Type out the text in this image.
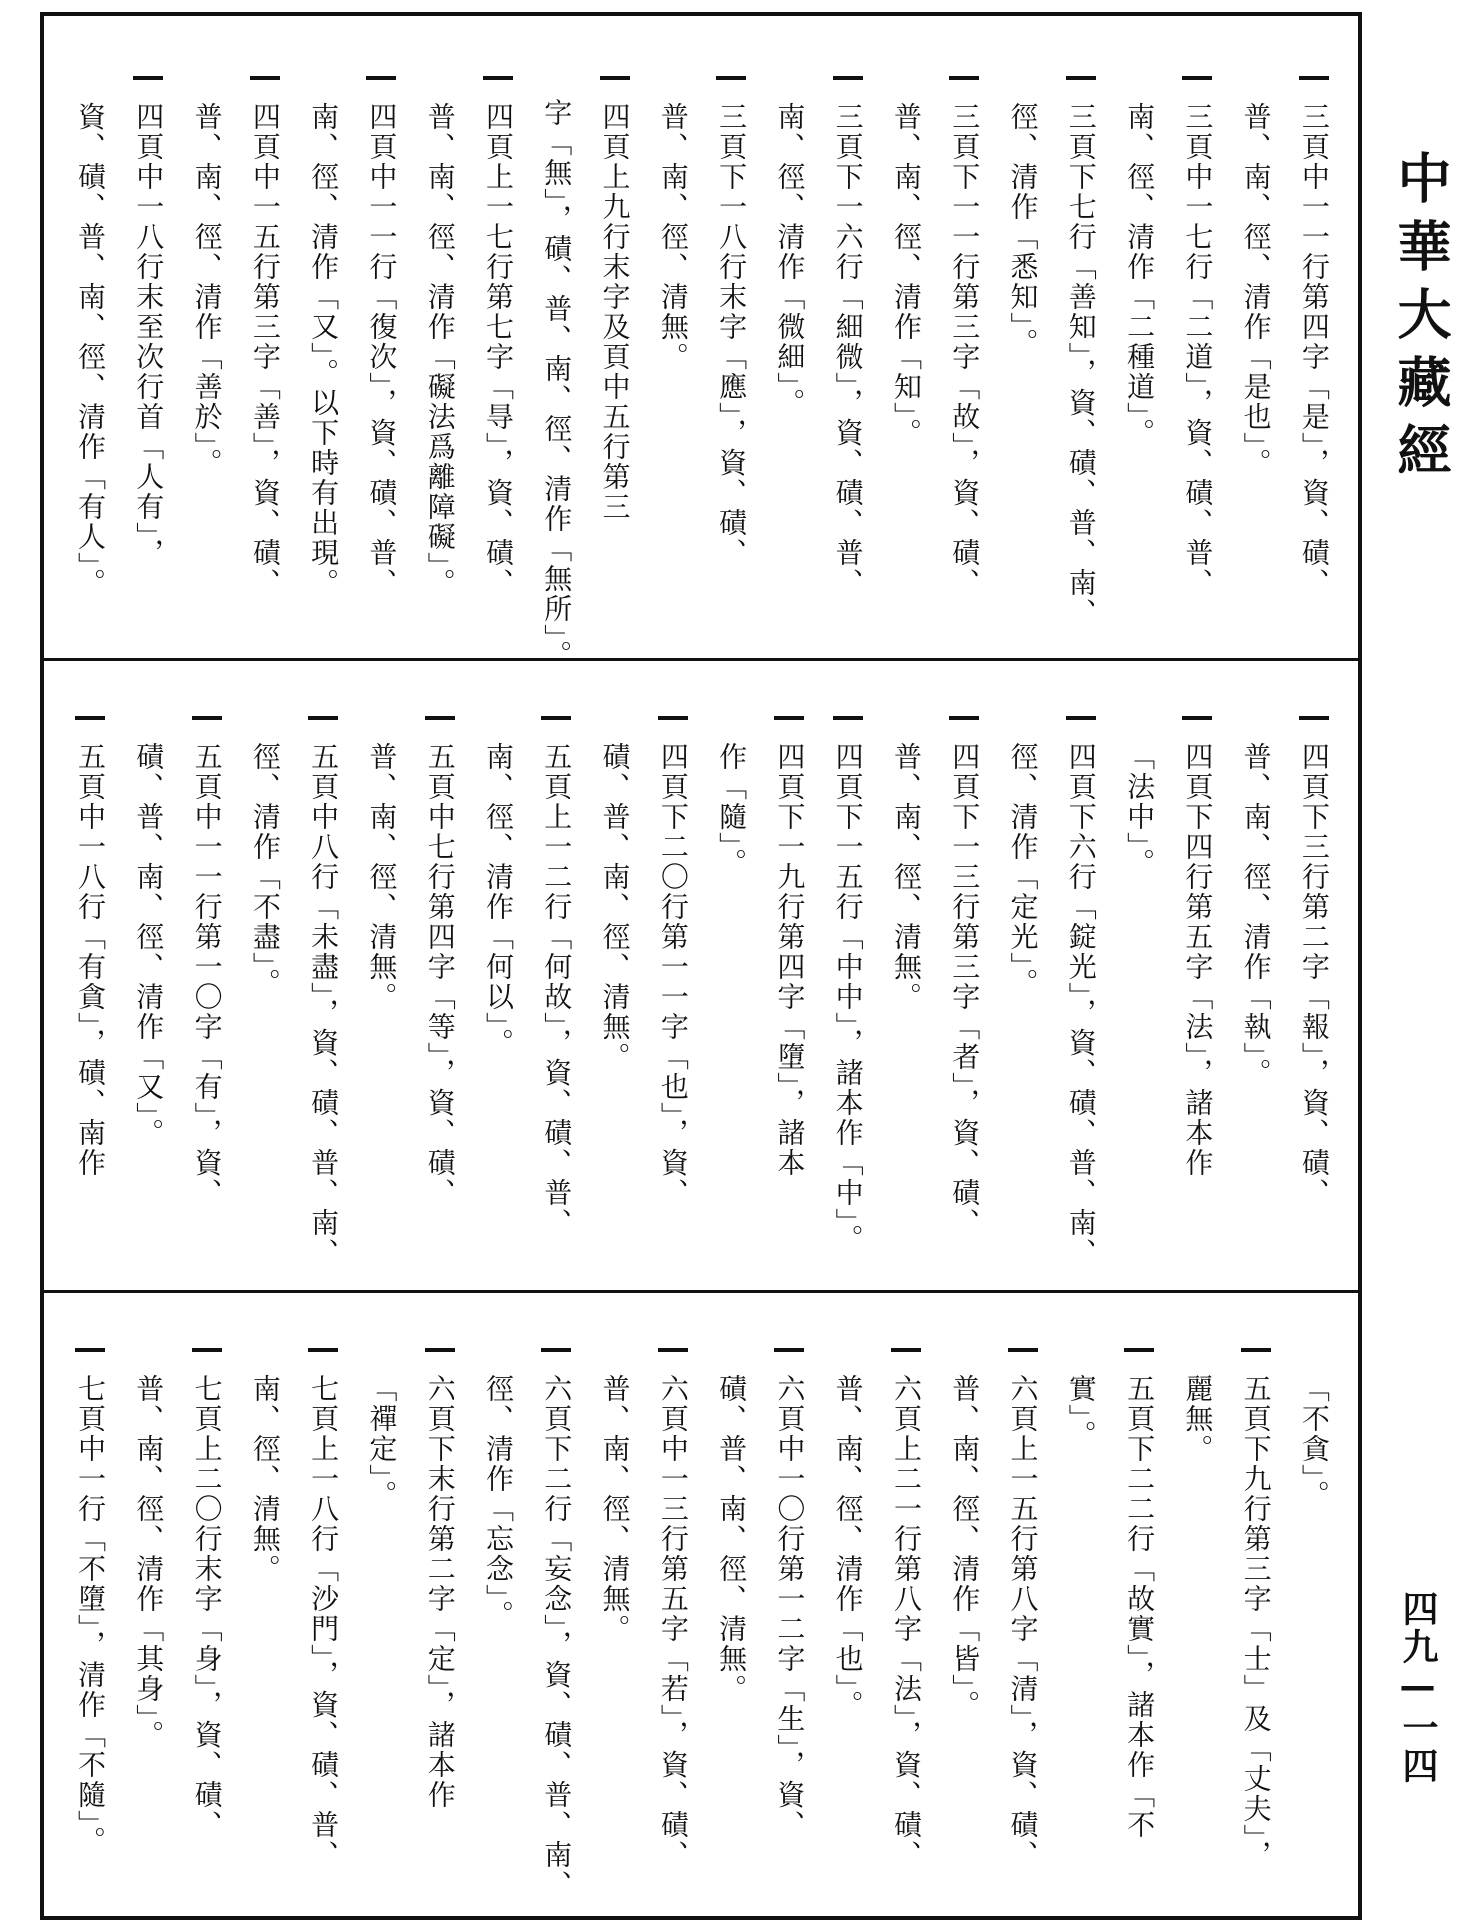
三頁中一一行第四字「是」，資、磧、
普、南、徑、清作「是也」。
三頁中一七行「二道」，資、磧、普、
南、徑、清作「二種道」。
三頁下七行「善知」，資、磧、普、南、
徑、清作「悉知」。
三頁下一一行第三字「故」，資、磧、
普、南、徑、清作「知」。
三頁下一六行「細微」，資、磧、普、
南、徑、清作「微細」。
三頁下一八行末字「應」，資、磧、
普、南、徑、清無。
四頁上九行末字及頁中五行第三
字「無」，磧、普、南、徑、清作「無所」。
四頁上一七行第七字「㝵」，資、磧、
普、南、徑、清作「礙法爲離障礙」。
四頁中一一行「復次」，資、磧、普、
南、徑、清作「又」。以下時有出現。
四頁中一五行第三字「善」，資、磧、
普、南、徑、清作「善於」。
四頁中一八行末至次行首「人有」，
資、磧、普、南、徑、清作「有人」。
四頁下三行第二字「報」，資、磧、
普、南、徑、清作「執」。
四頁下四行第五字「法」，諸本作
「法中」。
四頁下六行「錠光」，資、磧、普、南、
徑、清作「定光」。
四頁下一三行第三字「者」，資、磧、
普、南、徑、清無。
四頁下一五行「中中」，諸本作「中」。
四頁下一九行第四字「墮」，諸本
作「隨」。
四頁下二〇行第一一字「也」，資、
磧、普、南、徑、清無。
五頁上一二行「何故」，資、磧、普、
南、徑、清作「何以」。
五頁中七行第四字「等」，資、磧、
普、南、徑、清無。
五頁中八行「未盡」，資、磧、普、南、
徑、清作「不盡」。
五頁中一一行第一〇字「有」，資、
磧、普、南、徑、清作「又」。
五頁中一八行「有貪」，磧、南作
「不貪」。
五頁下九行第三字「士」及「丈夫」，
麗無。
五頁下二二行「故實」，諸本作「不
實」。
六頁上一五行第八字「清」，資、磧、
普、南、徑、清作「皆」。
六頁上二一行第八字「法」，資、磧、
普、南、徑、清作「也」。
六頁中一〇行第一二字「生」，資、
磧、普、南、徑、清無。
六頁中一三行第五字「若」，資、磧、
普、南、徑、清無。
六頁下二行「妄念」，資、磧、普、南、
徑、清作「忘念」。
六頁下末行第二字「定」，諸本作
「禪定」。
七頁上一八行「沙門」，資、磧、普、
南、徑、清無。
七頁上二〇行末字「身」，資、磧、
普、南、徑、清作「其身」。
七頁中一行「不墮」，清作「不隨」。
中華大藏經
四九—一四
